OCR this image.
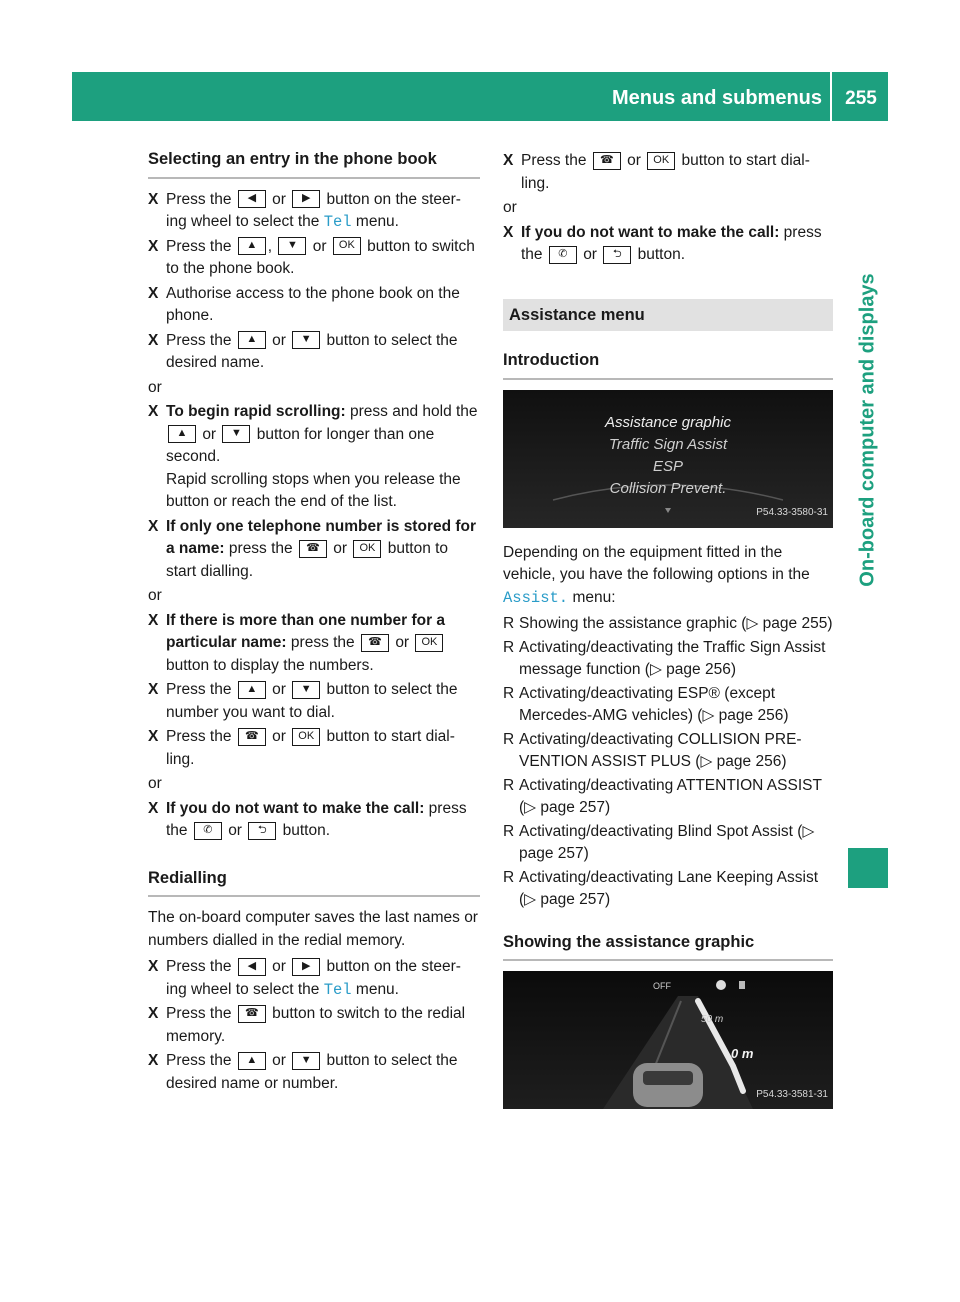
Menus and submenus	255
On-board computer and displays
Selecting an entry in the phone book
X Press the ◀ or ▶ button on the steer-ing wheel to select the Tel menu.
X Press the ▲ , ▼ or OK button to switch to the phone book.
X Authorise access to the phone book on the phone.
X Press the ▲ or ▼ button to select the desired name.
or
X To begin rapid scrolling: press and hold the ▲ or ▼ button for longer than one second.
Rapid scrolling stops when you release the button or reach the end of the list.
X If only one telephone number is stored for a name: press the ☎ or OK button to start dialling.
or
X If there is more than one number for a particular name: press the ☎ or OK button to display the numbers.
X Press the ▲ or ▼ button to select the number you want to dial.
X Press the ☎ or OK button to start dial-ling.
or
X If you do not want to make the call: press the ✆ or ⮌ button.
Redialling
The on-board computer saves the last names or numbers dialled in the redial memory.
X Press the ◀ or ▶ button on the steer-ing wheel to select the Tel menu.
X Press the ☎ button to switch to the redial memory.
X Press the ▲ or ▼ button to select the desired name or number.
X Press the ☎ or OK button to start dial-ling.
or
X If you do not want to make the call: press the ✆ or ⮌ button.
Assistance menu
Introduction
Assistance graphic
Traffic Sign Assist
ESP
Collision Prevent.
P54.33-3580-31
Depending on the equipment fitted in the vehicle, you have the following options in the Assist. menu:
R Showing the assistance graphic (▷ page 255)
R Activating/deactivating the Traffic Sign Assist message function (▷ page 256)
R Activating/deactivating ESP® (except Mercedes-AMG vehicles) (▷ page 256)
R Activating/deactivating COLLISION PRE-VENTION ASSIST PLUS (▷ page 256)
R Activating/deactivating ATTENTION ASSIST (▷ page 257)
R Activating/deactivating Blind Spot Assist (▷ page 257)
R Activating/deactivating Lane Keeping Assist (▷ page 257)
Showing the assistance graphic
OFF
50 m
0 m
P54.33-3581-31
